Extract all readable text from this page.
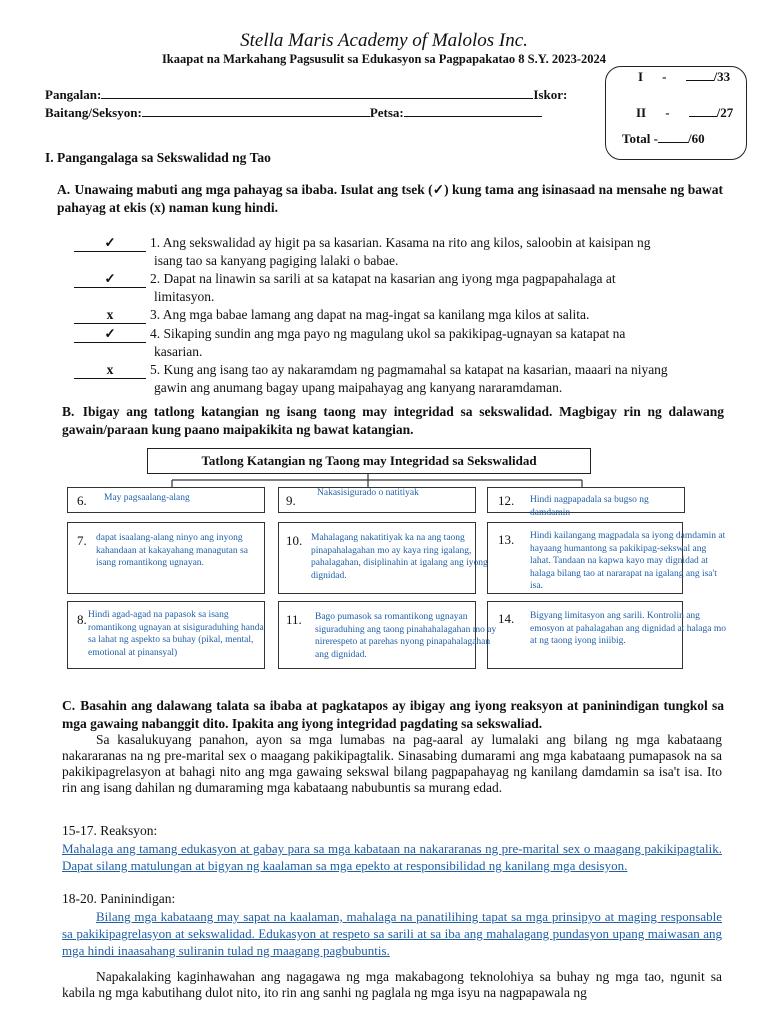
Stella Maris Academy of Malolos Inc.
Ikaapat na Markahang Pagsusulit sa Edukasyon sa Pagpapakatao 8 S.Y. 2023-2024
Pangalan:	Iskor:
Baitang/Seksyon:	Petsa:
I -	/33
II -	/27
Total - /60
I. Pangangalaga sa Sekswalidad ng Tao
A. Unawaing mabuti ang mga pahayag sa ibaba. Isulat ang tsek (✓) kung tama ang isinasaad na mensahe ng bawat pahayag at ekis (x) naman kung hindi.
✓	1. Ang sekswalidad ay higit pa sa kasarian. Kasama na rito ang kilos, saloobin at kaisipan ng
isang tao sa kanyang pagiging lalaki o babae.
✓	2. Dapat na linawin sa sarili at sa katapat na kasarian ang iyong mga pagpapahalaga at
limitasyon.
x	3. Ang mga babae lamang ang dapat na mag-ingat sa kanilang mga kilos at salita.
✓	4. Sikaping sundin ang mga payo ng magulang ukol sa pakikipag-ugnayan sa katapat na
kasarian.
x	5. Kung ang isang tao ay nakaramdam ng pagmamahal sa katapat na kasarian, maaari na niyang
gawin ang anumang bagay upang maipahayag ang kanyang nararamdaman.
B. Ibigay ang tatlong katangian ng isang taong may integridad sa sekswalidad. Magbigay rin ng dalawang gawain/paraan kung paano maipakikita ng bawat katangian.
Tatlong Katangian ng Taong may Integridad sa Sekswalidad
6. May pagsaalang-alang
7. dapat isaalang-alang ninyo ang inyong kahandaan at kakayahang managutan sa isang romantikong ugnayan.
8. Hindi agad-agad na papasok sa isang romantikong ugnayan at sisiguraduhing handa sa lahat ng aspekto sa buhay (pikal, mental, emotional at pinansyal)
9. Nakasisigurado o natitiyak
10. Mahalagang nakatitiyak ka na ang taong pinapahalagahan mo ay kaya ring igalang, pahalagahan, disiplinahin at igalang ang iyong dignidad.
11. Bago pumasok sa romantikong ugnayan siguraduhing ang taong pinahahalagahan mo ay nirerespeto at parehas nyong pinapahalagahan ang dignidad.
12. Hindi nagpapadala sa bugso ng damdamin
13. Hindi kailangang magpadala sa iyong damdamin at hayaang humantong sa pakikipag-sekswal ang lahat. Tandaan na kapwa kayo may dignidad at halaga bilang tao at nararapat na igalang ang isa't isa.
14. Bigyang limitasyon ang sarili. Kontrolin ang emosyon at pahalagahan ang dignidad at halaga mo at ng taong iyong iniibig.
C. Basahin ang dalawang talata sa ibaba at pagkatapos ay ibigay ang iyong reaksyon at paninindigan tungkol sa mga gawaing nabanggit dito. Ipakita ang iyong integridad pagdating sa sekswaliad.
Sa kasalukuyang panahon, ayon sa mga lumabas na pag-aaral ay lumalaki ang bilang ng mga kabataang nakararanas na ng pre-marital sex o maagang pakikipagtalik. Sinasabing dumarami ang mga kabataang pumapasok na sa pakikipagrelasyon at bahagi nito ang mga gawaing sekswal bilang pagpapahayag ng kanilang damdamin sa isa't isa. Ito rin ang isang dahilan ng dumaraming mga kabataang nabubuntis sa murang edad.
15-17. Reaksyon:
Mahalaga ang tamang edukasyon at gabay para sa mga kabataan na nakararanas ng pre-marital sex o maagang pakikipagtalik. Dapat silang matulungan at bigyan ng kaalaman sa mga epekto at responsibilidad ng kanilang mga desisyon.
18-20. Paninindigan:
Bilang mga kabataang may sapat na kaalaman, mahalaga na panatilihing tapat sa mga prinsipyo at maging responsable sa pakikipagrelasyon at sekswalidad. Edukasyon at respeto sa sarili at sa iba ang mahalagang pundasyon upang maiwasan ang mga hindi inaasahang suliranin tulad ng maagang pagbubuntis.
Napakalaking kaginhawahan ang nagagawa ng mga makabagong teknolohiya sa buhay ng mga tao, ngunit sa kabila ng mga kabutihang dulot nito, ito rin ang sanhi ng paglala ng mga isyu na nagpapawala ng
